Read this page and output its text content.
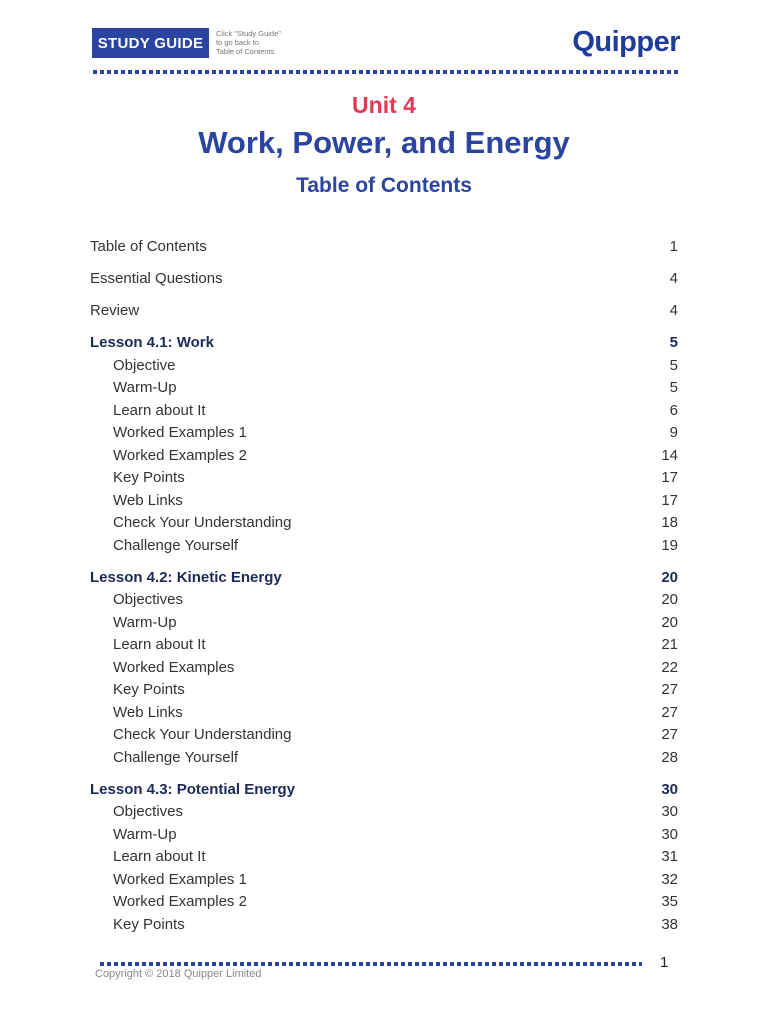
STUDY GUIDE
Click "Study Guide"
to go back to
Table of Contents	Quipper
Unit 4
Work, Power, and Energy
Table of Contents
Table of Contents	1
Essential Questions	4
Review	4
Lesson 4.1: Work	5
Objective	5
Warm-Up	5
Learn about It	6
Worked Examples 1	9
Worked Examples 2	14
Key Points	17
Web Links	17
Check Your Understanding	18
Challenge Yourself	19
Lesson 4.2: Kinetic Energy	20
Objectives	20
Warm-Up	20
Learn about It	21
Worked Examples	22
Key Points	27
Web Links	27
Check Your Understanding	27
Challenge Yourself	28
Lesson 4.3: Potential Energy	30
Objectives	30
Warm-Up	30
Learn about It	31
Worked Examples 1	32
Worked Examples 2	35
Key Points	38
1
Copyright © 2018 Quipper Limited
